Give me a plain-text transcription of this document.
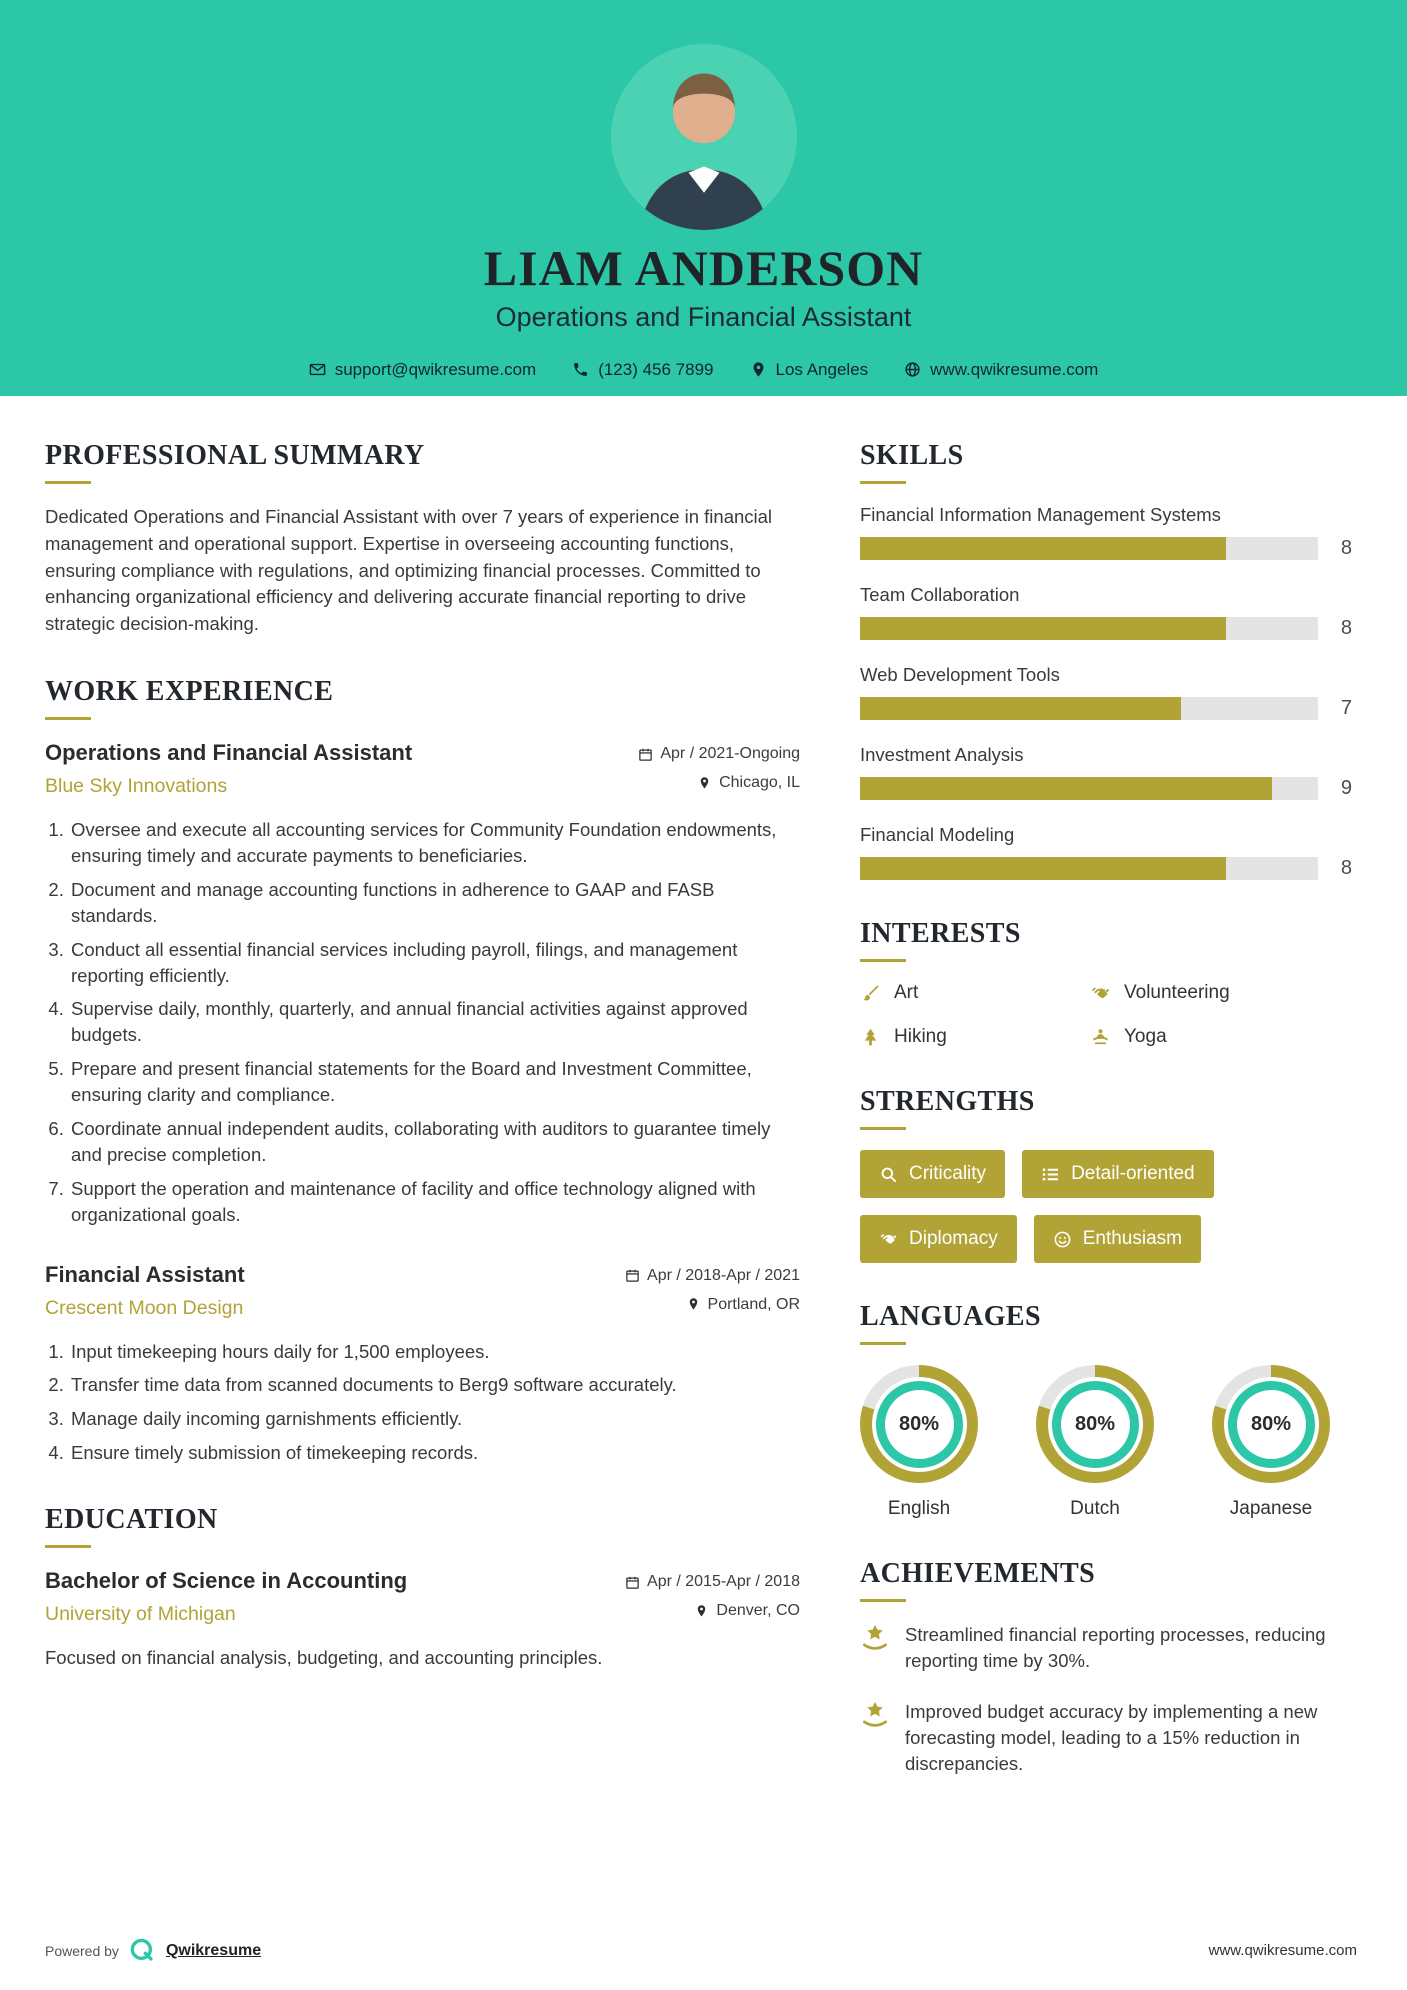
LIAM ANDERSON
Operations and Financial Assistant
support@qwikresume.com	(123) 456 7899	Los Angeles	www.qwikresume.com
PROFESSIONAL SUMMARY

Dedicated Operations and Financial Assistant with over 7 years of experience in financial management and operational support. Expertise in overseeing accounting functions, ensuring compliance with regulations, and optimizing financial processes. Committed to enhancing organizational efficiency and delivering accurate financial reporting to drive strategic decision-making.

WORK EXPERIENCE
Operations and Financial Assistant
Blue Sky Innovations
Apr / 2021-Ongoing
Chicago, IL
1. Oversee and execute all accounting services for Community Foundation endowments, ensuring timely and accurate payments to beneficiaries.
2. Document and manage accounting functions in adherence to GAAP and FASB standards.
3. Conduct all essential financial services including payroll, filings, and management reporting efficiently.
4. Supervise daily, monthly, quarterly, and annual financial activities against approved budgets.
5. Prepare and present financial statements for the Board and Investment Committee, ensuring clarity and compliance.
6. Coordinate annual independent audits, collaborating with auditors to guarantee timely and precise completion.
7. Support the operation and maintenance of facility and office technology aligned with organizational goals.
Financial Assistant
Crescent Moon Design
Apr / 2018-Apr / 2021
Portland, OR
1. Input timekeeping hours daily for 1,500 employees.
2. Transfer time data from scanned documents to Berg9 software accurately.
3. Manage daily incoming garnishments efficiently.
4. Ensure timely submission of timekeeping records.
EDUCATION
Bachelor of Science in Accounting
University of Michigan
Apr / 2015-Apr / 2018
Denver, CO

Focused on financial analysis, budgeting, and accounting principles.

SKILLS
Financial Information Management Systems
8
Team Collaboration
8
Web Development Tools
7
Investment Analysis
9
Financial Modeling
8
INTERESTS
Art	Volunteering
Hiking	Yoga
STRENGTHS
Criticality	Detail-oriented
Diplomacy	Enthusiasm
LANGUAGES
80%
English
80%
Dutch
80%
Japanese
ACHIEVEMENTS
Streamlined financial reporting processes, reducing reporting time by 30%.
Improved budget accuracy by implementing a new forecasting model, leading to a 15% reduction in discrepancies.
Powered by	Qwikresume	www.qwikresume.com
